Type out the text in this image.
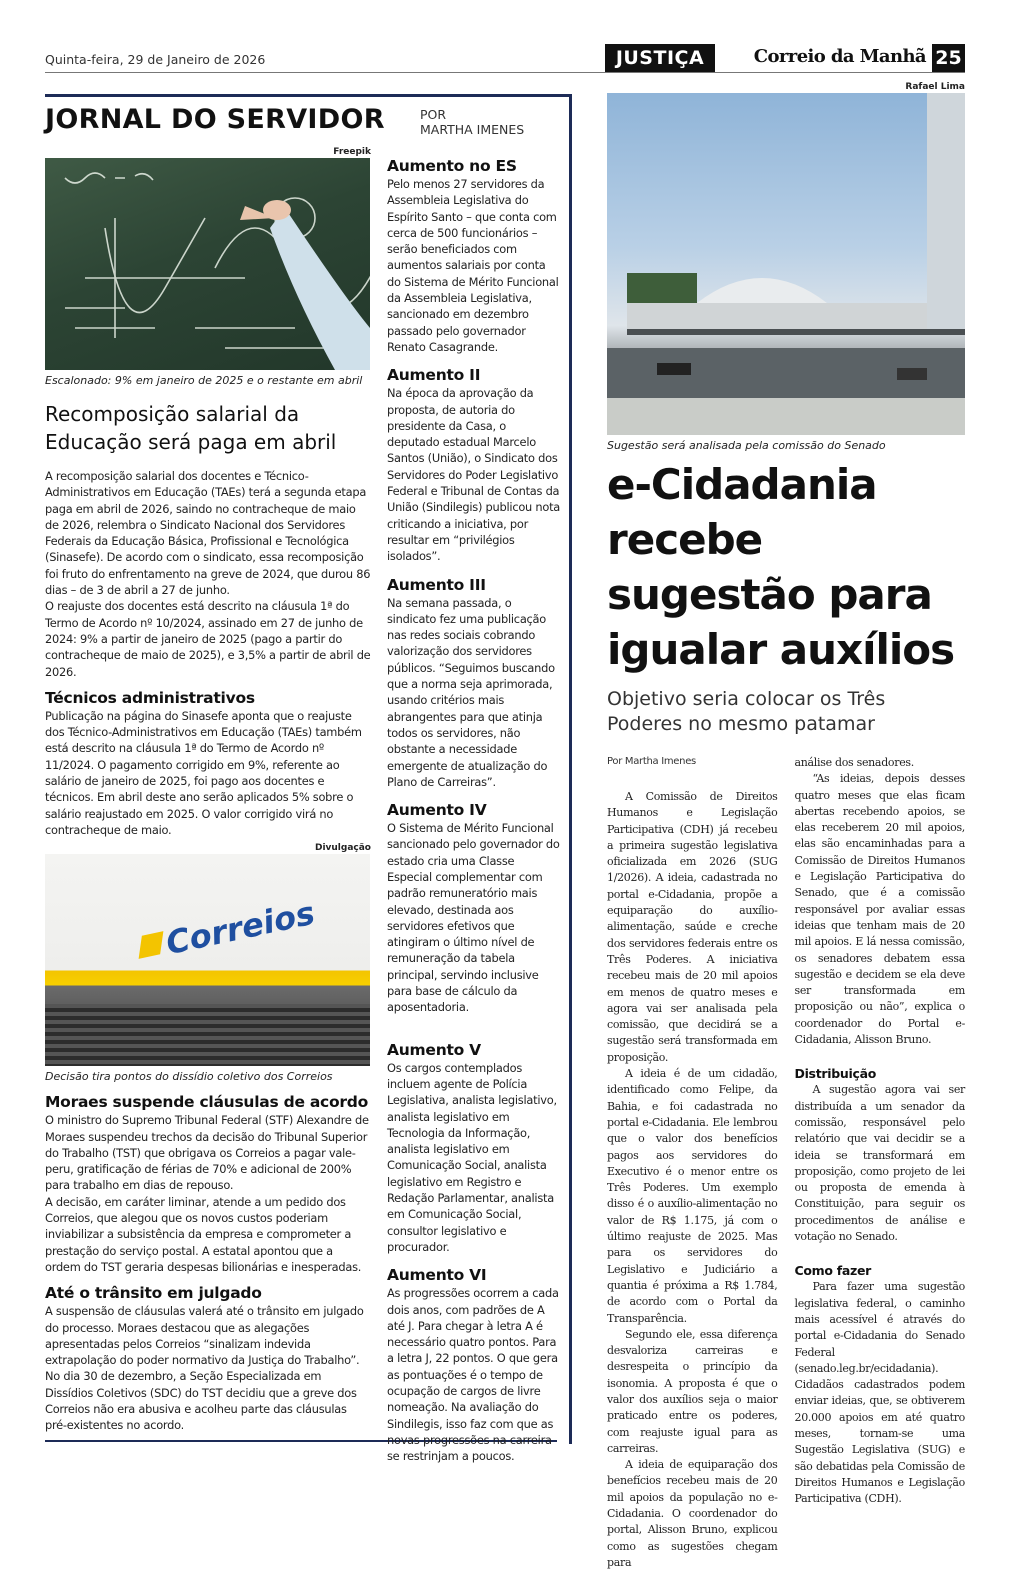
Quinta-feira, 29 de Janeiro de 2026	JUSTIÇA	Correio da Manhã 25
JORNAL DO SERVIDOR	POR
MARTHA IMENES
Freepik
Escalonado: 9% em janeiro de 2025 e o restante em abril
Recomposição salarial da Educação será paga em abril

A recomposição salarial dos docentes e Técnico-Administrativos em Educação (TAEs) terá a segunda etapa paga em abril de 2026, saindo no contracheque de maio de 2026, relembra o Sindicato Nacional dos Servidores Federais da Educação Básica, Profissional e Tecnológica (Sinasefe). De acordo com o sindicato, essa recomposição foi fruto do enfrentamento na greve de 2024, que durou 86 dias – de 3 de abril a 27 de junho.

O reajuste dos docentes está descrito na cláusula 1ª do Termo de Acordo nº 10/2024, assinado em 27 de junho de 2024: 9% a partir de janeiro de 2025 (pago a partir do contracheque de maio de 2025), e 3,5% a partir de abril de 2026.

Técnicos administrativos

Publicação na página do Sinasefe aponta que o reajuste dos Técnico-Administrativos em Educação (TAEs) também está descrito na cláusula 1ª do Termo de Acordo nº 11/2024. O pagamento corrigido em 9%, referente ao salário de janeiro de 2025, foi pago aos docentes e técnicos. Em abril deste ano serão aplicados 5% sobre o salário reajustado em 2025. O valor corrigido virá no contracheque de maio.

Divulgação
Correios
Decisão tira pontos do dissídio coletivo dos Correios
Moraes suspende cláusulas de acordo

O ministro do Supremo Tribunal Federal (STF) Alexandre de Moraes suspendeu trechos da decisão do Tribunal Superior do Trabalho (TST) que obrigava os Correios a pagar vale-peru, gratificação de férias de 70% e adicional de 200% para trabalho em dias de repouso.

A decisão, em caráter liminar, atende a um pedido dos Correios, que alegou que os novos custos poderiam inviabilizar a subsistência da empresa e comprometer a prestação do serviço postal. A estatal apontou que a ordem do TST geraria despesas bilionárias e inesperadas.

Até o trânsito em julgado

A suspensão de cláusulas valerá até o trânsito em julgado do processo. Moraes destacou que as alegações apresentadas pelos Correios “sinalizam indevida extrapolação do poder normativo da Justiça do Trabalho”. No dia 30 de dezembro, a Seção Especializada em Dissídios Coletivos (SDC) do TST decidiu que a greve dos Correios não era abusiva e acolheu parte das cláusulas pré-existentes no acordo.

Aumento no ES

Pelo menos 27 servidores da Assembleia Legislativa do Espírito Santo – que conta com cerca de 500 funcionários – serão beneficiados com aumentos salariais por conta do Sistema de Mérito Funcional da Assembleia Legislativa, sancionado em dezembro passado pelo governador Renato Casagrande.

Aumento II

Na época da aprovação da proposta, de autoria do presidente da Casa, o deputado estadual Marcelo Santos (União), o Sindicato dos Servidores do Poder Legislativo Federal e Tribunal de Contas da União (Sindilegis) publicou nota criticando a iniciativa, por resultar em “privilégios isolados”.

Aumento III

Na semana passada, o sindicato fez uma publicação nas redes sociais cobrando valorização dos servidores públicos. “Seguimos buscando que a norma seja aprimorada, usando critérios mais abrangentes para que atinja todos os servidores, não obstante a necessidade emergente de atualização do Plano de Carreiras”.

Aumento IV

O Sistema de Mérito Funcional sancionado pelo governador do estado cria uma Classe Especial complementar com padrão remuneratório mais elevado, destinada aos servidores efetivos que atingiram o último nível de remuneração da tabela principal, servindo inclusive para base de cálculo da aposentadoria.

Aumento V

Os cargos contemplados incluem agente de Polícia Legislativa, analista legislativo, analista legislativo em Tecnologia da Informação, analista legislativo em Comunicação Social, analista legislativo em Registro e Redação Parlamentar, analista em Comunicação Social, consultor legislativo e procurador.

Aumento VI

As progressões ocorrem a cada dois anos, com padrões de A até J. Para chegar à letra A é necessário quatro pontos. Para a letra J, 22 pontos. O que gera as pontuações é o tempo de ocupação de cargos de livre nomeação. Na avaliação do Sindilegis, isso faz com que as novas progressões na carreira se restrinjam a poucos.

Rafael Lima
Sugestão será analisada pela comissão do Senado
e-Cidadania recebe sugestão para igualar auxílios
Objetivo seria colocar os Três Poderes no mesmo patamar
Por Martha Imenes

A Comissão de Direitos Humanos e Legislação Participativa (CDH) já recebeu a primeira sugestão legislativa oficializada em 2026 (SUG 1/2026). A ideia, cadastrada no portal e-Cidadania, propõe a equiparação do auxílio-alimentação, saúde e creche dos servidores federais entre os Três Poderes. A iniciativa recebeu mais de 20 mil apoios em menos de quatro meses e agora vai ser analisada pela comissão, que decidirá se a sugestão será transformada em proposição.

A ideia é de um cidadão, identificado como Felipe, da Bahia, e foi cadastrada no portal e-Cidadania. Ele lembrou que o valor dos benefícios pagos aos servidores do Executivo é o menor entre os Três Poderes. Um exemplo disso é o auxílio-alimentação no valor de R$ 1.175, já com o último reajuste de 2025. Mas para os servidores do Legislativo e Judiciário a quantia é próxima a R$ 1.784, de acordo com o Portal da Transparência.

Segundo ele, essa diferença desvaloriza carreiras e desrespeita o princípio da isonomia. A proposta é que o valor dos auxílios seja o maior praticado entre os poderes, com reajuste igual para as carreiras.

A ideia de equiparação dos benefícios recebeu mais de 20 mil apoios da população no e-Cidadania. O coordenador do portal, Alisson Bruno, explicou como as sugestões chegam para

análise dos senadores.

“As ideias, depois desses quatro meses que elas ficam abertas recebendo apoios, se elas receberem 20 mil apoios, elas são encaminhadas para a Comissão de Direitos Humanos e Legislação Participativa do Senado, que é a comissão responsável por avaliar essas ideias que tenham mais de 20 mil apoios. E lá nessa comissão, os senadores debatem essa sugestão e decidem se ela deve ser transformada em proposição ou não”, explica o coordenador do Portal e-Cidadania, Alisson Bruno.

Distribuição

A sugestão agora vai ser distribuída a um senador da comissão, responsável pelo relatório que vai decidir se a ideia se transformará em proposição, como projeto de lei ou proposta de emenda à Constituição, para seguir os procedimentos de análise e votação no Senado.

Como fazer

Para fazer uma sugestão legislativa federal, o caminho mais acessível é através do portal e-Cidadania do Senado Federal (senado.leg.br/ecidadania). Cidadãos cadastrados podem enviar ideias, que, se obtiverem 20.000 apoios em até quatro meses, tornam-se uma Sugestão Legislativa (SUG) e são debatidas pela Comissão de Direitos Humanos e Legislação Participativa (CDH).
